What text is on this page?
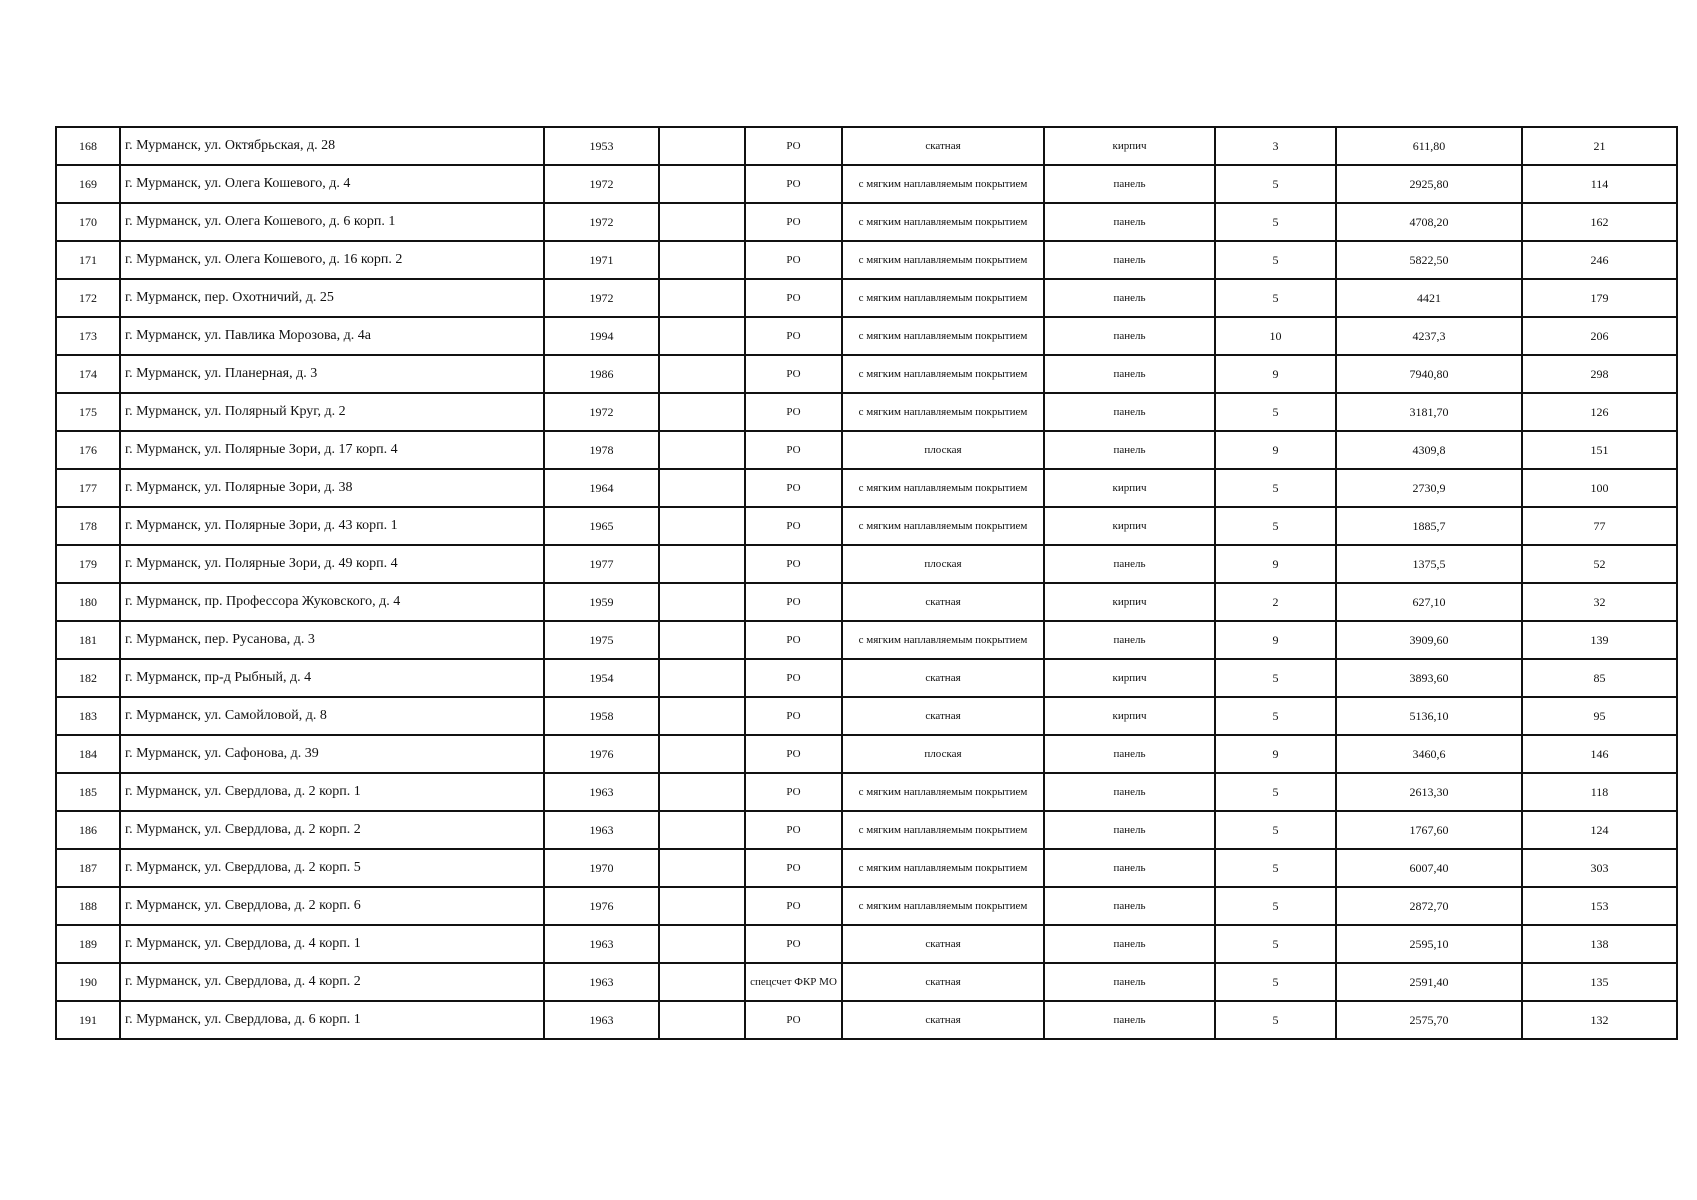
168	г. Мурманск, ул. Октябрьская, д. 28	1953		РО	скатная	кирпич	3	611,80	21
169	г. Мурманск, ул. Олега Кошевого, д. 4	1972		РО	с мягким наплавляемым покрытием	панель	5	2925,80	114
170	г. Мурманск, ул. Олега Кошевого, д. 6 корп. 1	1972		РО	с мягким наплавляемым покрытием	панель	5	4708,20	162
171	г. Мурманск, ул. Олега Кошевого, д. 16 корп. 2	1971		РО	с мягким наплавляемым покрытием	панель	5	5822,50	246
172	г. Мурманск, пер. Охотничий, д. 25	1972		РО	с мягким наплавляемым покрытием	панель	5	4421	179
173	г. Мурманск, ул. Павлика Морозова, д. 4а	1994		РО	с мягким наплавляемым покрытием	панель	10	4237,3	206
174	г. Мурманск, ул. Планерная, д. 3	1986		РО	с мягким наплавляемым покрытием	панель	9	7940,80	298
175	г. Мурманск, ул. Полярный Круг, д. 2	1972		РО	с мягким наплавляемым покрытием	панель	5	3181,70	126
176	г. Мурманск, ул. Полярные Зори, д. 17 корп. 4	1978		РО	плоская	панель	9	4309,8	151
177	г. Мурманск, ул. Полярные Зори, д. 38	1964		РО	с мягким наплавляемым покрытием	кирпич	5	2730,9	100
178	г. Мурманск, ул. Полярные Зори, д. 43 корп. 1	1965		РО	с мягким наплавляемым покрытием	кирпич	5	1885,7	77
179	г. Мурманск, ул. Полярные Зори, д. 49 корп. 4	1977		РО	плоская	панель	9	1375,5	52
180	г. Мурманск, пр. Профессора Жуковского, д. 4	1959		РО	скатная	кирпич	2	627,10	32
181	г. Мурманск, пер. Русанова, д. 3	1975		РО	с мягким наплавляемым покрытием	панель	9	3909,60	139
182	г. Мурманск, пр-д Рыбный, д. 4	1954		РО	скатная	кирпич	5	3893,60	85
183	г. Мурманск, ул. Самойловой, д. 8	1958		РО	скатная	кирпич	5	5136,10	95
184	г. Мурманск, ул. Сафонова, д. 39	1976		РО	плоская	панель	9	3460,6	146
185	г. Мурманск, ул. Свердлова, д. 2 корп. 1	1963		РО	с мягким наплавляемым покрытием	панель	5	2613,30	118
186	г. Мурманск, ул. Свердлова, д. 2 корп. 2	1963		РО	с мягким наплавляемым покрытием	панель	5	1767,60	124
187	г. Мурманск, ул. Свердлова, д. 2 корп. 5	1970		РО	с мягким наплавляемым покрытием	панель	5	6007,40	303
188	г. Мурманск, ул. Свердлова, д. 2 корп. 6	1976		РО	с мягким наплавляемым покрытием	панель	5	2872,70	153
189	г. Мурманск, ул. Свердлова, д. 4 корп. 1	1963		РО	скатная	панель	5	2595,10	138
190	г. Мурманск, ул. Свердлова, д. 4 корп. 2	1963		спецсчет ФКР МО	скатная	панель	5	2591,40	135
191	г. Мурманск, ул. Свердлова, д. 6 корп. 1	1963		РО	скатная	панель	5	2575,70	132
